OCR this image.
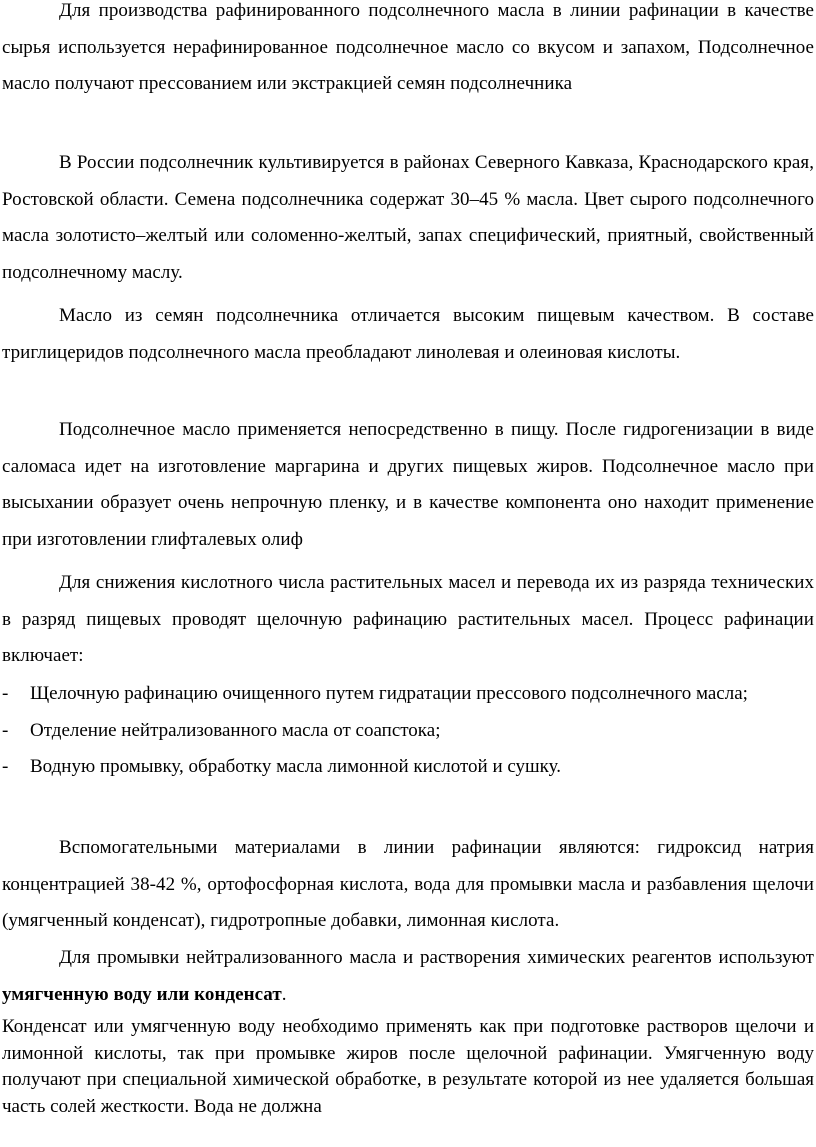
Для производства рафинированного подсолнечного масла в линии рафинации в качестве сырья используется нерафинированное подсолнечное масло со вкусом и запахом, Подсолнечное масло получают прессованием или экстракцией семян подсолнечника

В России подсолнечник культивируется в районах Северного Кавказа, Краснодарского края, Ростовской области. Семена подсолнечника содержат 30–45 % масла. Цвет сырого подсолнечного масла золотисто–желтый или соломенно-желтый, запах специфический, приятный, свойственный подсолнечному маслу.

Масло из семян подсолнечника отличается высоким пищевым качеством. В составе триглицеридов подсолнечного масла преобладают линолевая и олеиновая кислоты.

Подсолнечное масло применяется непосредственно в пищу. После гидрогенизации в виде саломаса идет на изготовление маргарина и других пищевых жиров. Подсолнечное масло при высыхании образует очень непрочную пленку, и в качестве компонента оно находит применение при изготовлении глифталевых олиф

Для снижения кислотного числа растительных масел и перевода их из разряда технических в разряд пищевых проводят щелочную рафинацию растительных масел. Процесс рафинации включает:

- Щелочную рафинацию очищенного путем гидратации прессового подсолнечного масла;
- Отделение нейтрализованного масла от соапстока;
- Водную промывку, обработку масла лимонной кислотой и сушку.

Вспомогательными материалами в линии рафинации являются: гидроксид натрия концентрацией 38-42 %, ортофосфорная кислота, вода для промывки масла и разбавления щелочи (умягченный конденсат), гидротропные добавки, лимонная кислота.

Для промывки нейтрализованного масла и растворения химических реагентов используют умягченную воду или конденсат.

Конденсат или умягченную воду необходимо применять как при подготовке растворов щелочи и лимонной кислоты, так при промывке жиров после щелочной рафинации. Умягченную воду получают при специальной химической обработке, в результате которой из нее удаляется большая часть солей жесткости. Вода не должна
